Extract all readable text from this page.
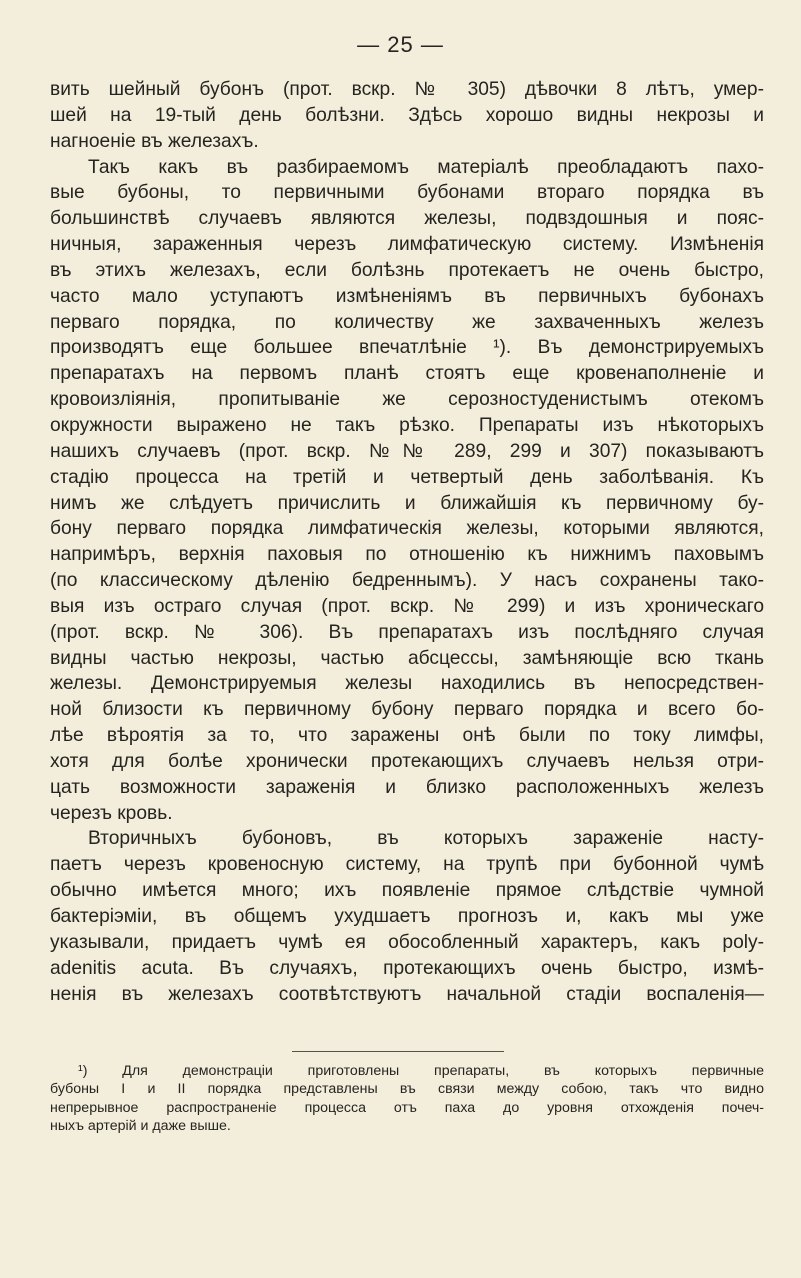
— 25 —
вить шейный бубонъ (прот. вскр. № 305) дѣвочки 8 лѣтъ, умер-
шей на 19-тый день болѣзни. Здѣсь хорошо видны некрозы и
нагноеніе въ железахъ.
Такъ какъ въ разбираемомъ матеріалѣ преобладаютъ пахо-
вые бубоны, то первичными бубонами втораго порядка въ
большинствѣ случаевъ являются железы, подвздошныя и пояс-
ничныя, зараженныя черезъ лимфатическую систему. Измѣненія
въ этихъ железахъ, если болѣзнь протекаетъ не очень быстро,
часто мало уступаютъ измѣненіямъ въ первичныхъ бубонахъ
перваго порядка, по количеству же захваченныхъ железъ
производятъ еще большее впечатлѣніе ¹). Въ демонстрируемыхъ
препаратахъ на первомъ планѣ стоятъ еще кровенаполненіе и
кровоизліянія, пропитываніе же серозностуденистымъ отекомъ
окружности выражено не такъ рѣзко. Препараты изъ нѣкоторыхъ
нашихъ случаевъ (прот. вскр. №№ 289, 299 и 307) показываютъ
стадію процесса на третій и четвертый день заболѣванія. Къ
нимъ же слѣдуетъ причислить и ближайшія къ первичному бу-
бону перваго порядка лимфатическія железы, которыми являются,
напримѣръ, верхнія паховыя по отношенію къ нижнимъ паховымъ
(по классическому дѣленію бедреннымъ). У насъ сохранены тако-
выя изъ остраго случая (прот. вскр. № 299) и изъ хроническаго
(прот. вскр. № 306). Въ препаратахъ изъ послѣдняго случая
видны частью некрозы, частью абсцессы, замѣняющіе всю ткань
железы. Демонстрируемыя железы находились въ непосредствен-
ной близости къ первичному бубону перваго порядка и всего бо-
лѣе вѣроятія за то, что заражены онѣ были по току лимфы,
хотя для болѣе хронически протекающихъ случаевъ нельзя отри-
цать возможности зараженія и близко расположенныхъ железъ
черезъ кровь.
Вторичныхъ бубоновъ, въ которыхъ зараженіе насту-
паетъ черезъ кровеносную систему, на трупѣ при бубонной чумѣ
обычно имѣется много; ихъ появленіе прямое слѣдствіе чумной
бактеріэміи, въ общемъ ухудшаетъ прогнозъ и, какъ мы уже
указывали, придаетъ чумѣ ея обособленный характеръ, какъ poly-
adenitis acuta. Въ случаяхъ, протекающихъ очень быстро, измѣ-
ненія въ железахъ соотвѣтствуютъ начальной стадіи воспаленія—
¹) Для демонстраціи приготовлены препараты, въ которыхъ первичные
бубоны I и II порядка представлены въ связи между собою, такъ что видно
непрерывное распространеніе процесса отъ паха до уровня отхожденія почеч-
ныхъ артерій и даже выше.
